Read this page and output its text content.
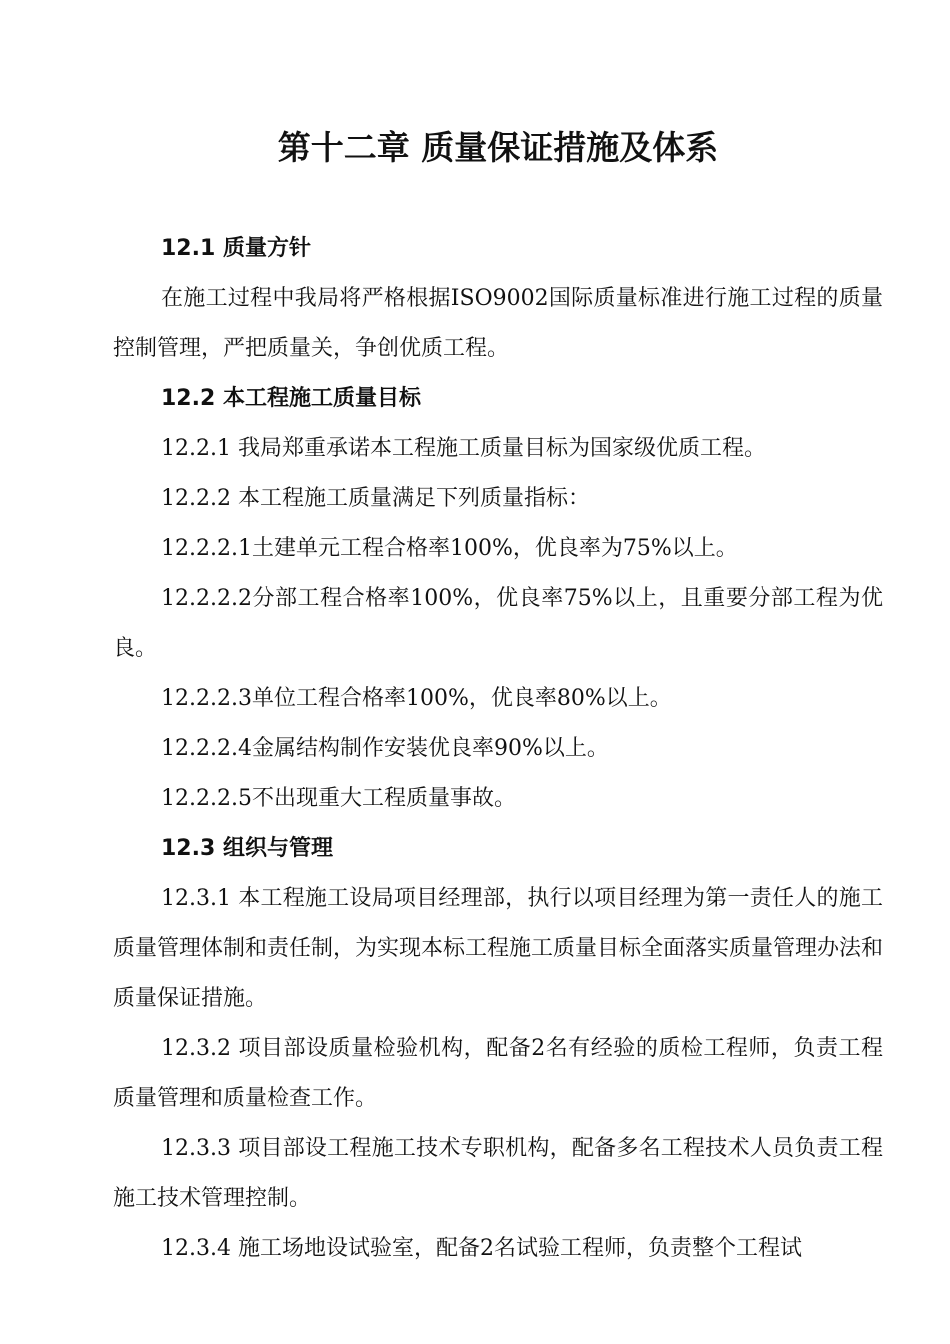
第十二章 质量保证措施及体系

12.1 质量方针

在施工过程中我局将严格根据ISO9002国际质量标准进行施工过程的质量控制管理，严把质量关，争创优质工程。

12.2 本工程施工质量目标

12.2.1 我局郑重承诺本工程施工质量目标为国家级优质工程。

12.2.2 本工程施工质量满足下列质量指标：

12.2.2.1土建单元工程合格率100%，优良率为75%以上。

12.2.2.2分部工程合格率100%，优良率75%以上，且重要分部工程为优良。

12.2.2.3单位工程合格率100%，优良率80%以上。

12.2.2.4金属结构制作安装优良率90%以上。

12.2.2.5不出现重大工程质量事故。

12.3 组织与管理

12.3.1 本工程施工设局项目经理部，执行以项目经理为第一责任人的施工质量管理体制和责任制，为实现本标工程施工质量目标全面落实质量管理办法和质量保证措施。

12.3.2 项目部设质量检验机构，配备2名有经验的质检工程师，负责工程质量管理和质量检查工作。

12.3.3 项目部设工程施工技术专职机构，配备多名工程技术人员负责工程施工技术管理控制。

12.3.4 施工场地设试验室，配备2名试验工程师，负责整个工程试
